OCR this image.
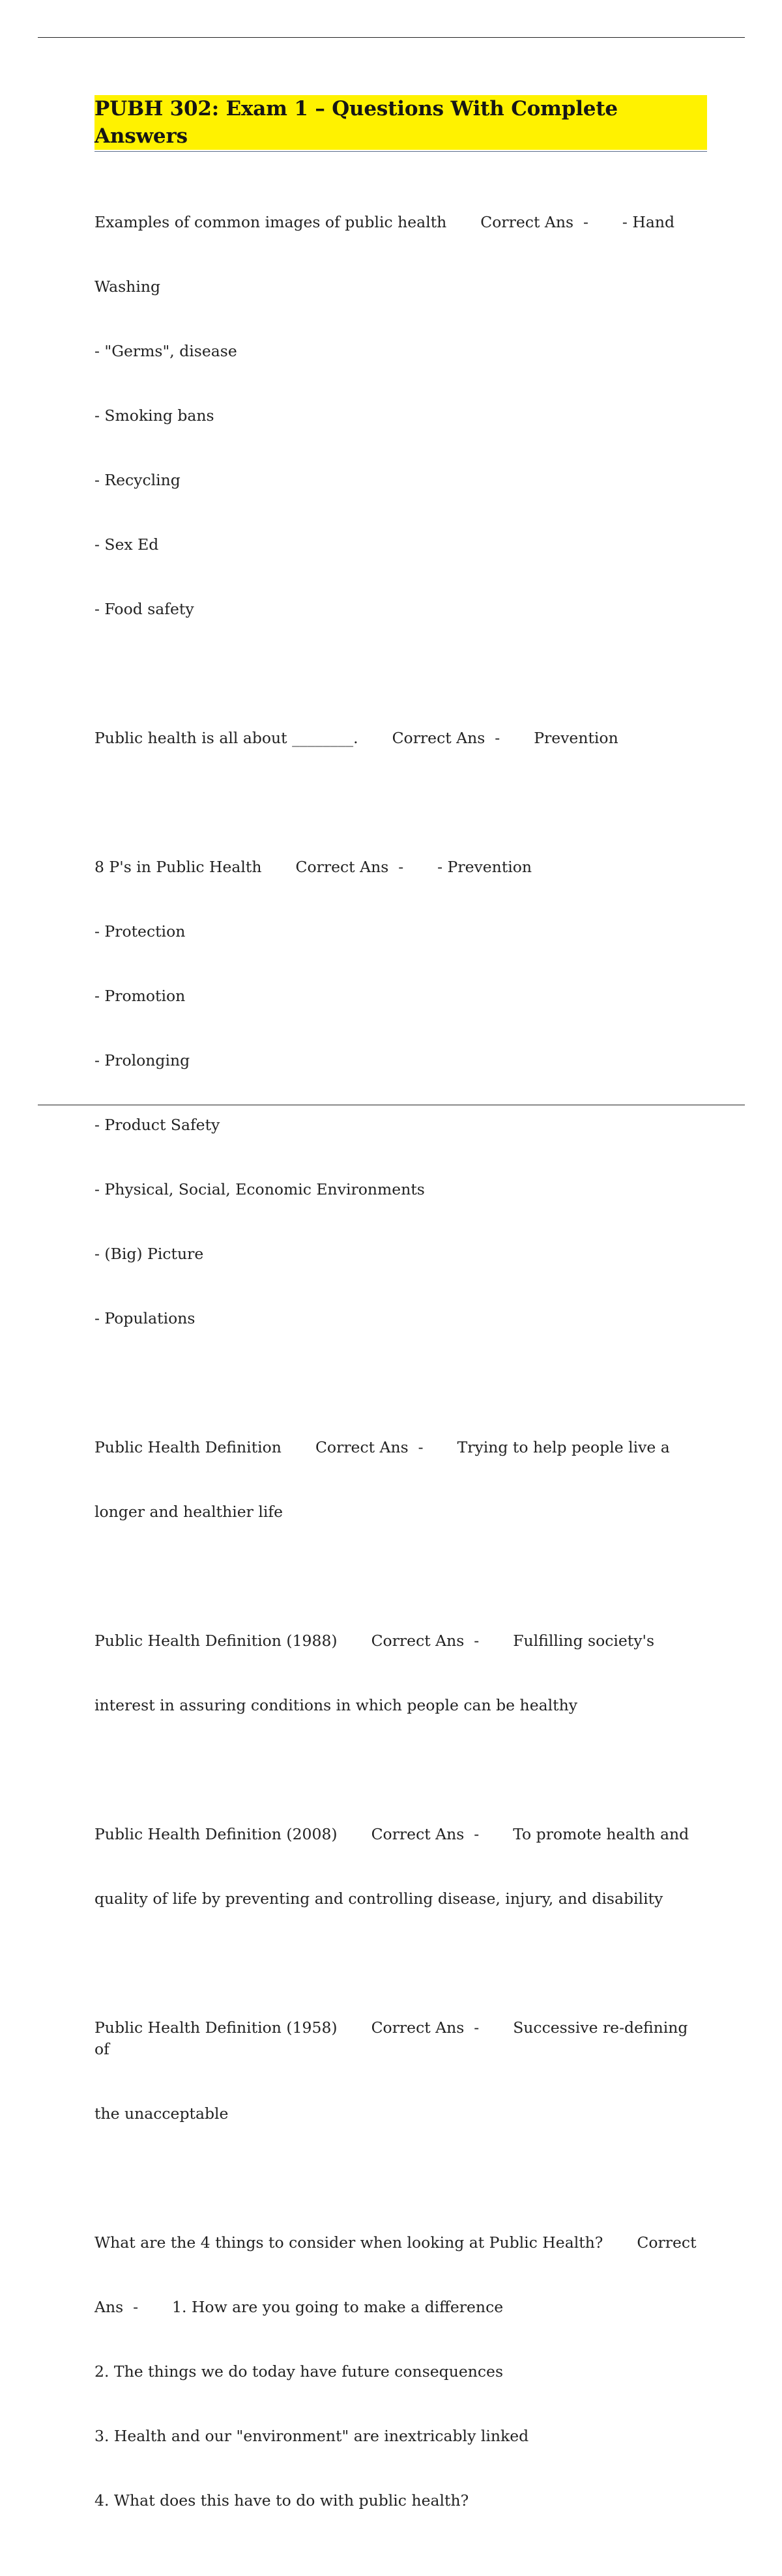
PUBH 302: Exam 1 – Questions With Complete Answers

Examples of common images of public health Correct Ans  - - Hand

Washing

- "Germs", disease

- Smoking bans

- Recycling

- Sex Ed

- Food safety

Public health is all about ________. Correct Ans  - Prevention

8 P's in Public Health Correct Ans  - - Prevention

- Protection

- Promotion

- Prolonging

- Product Safety

- Physical, Social, Economic Environments

- (Big) Picture

- Populations

Public Health Definition Correct Ans  - Trying to help people live a

longer and healthier life

Public Health Definition (1988) Correct Ans  - Fulfilling society's

interest in assuring conditions in which people can be healthy

Public Health Definition (2008) Correct Ans  - To promote health and

quality of life by preventing and controlling disease, injury, and disability

Public Health Definition (1958) Correct Ans  - Successive re-defining of

the unacceptable

What are the 4 things to consider when looking at Public Health? Correct

Ans  - 1. How are you going to make a difference

2. The things we do today have future consequences

3. Health and our "environment" are inextricably linked

4. What does this have to do with public health?
